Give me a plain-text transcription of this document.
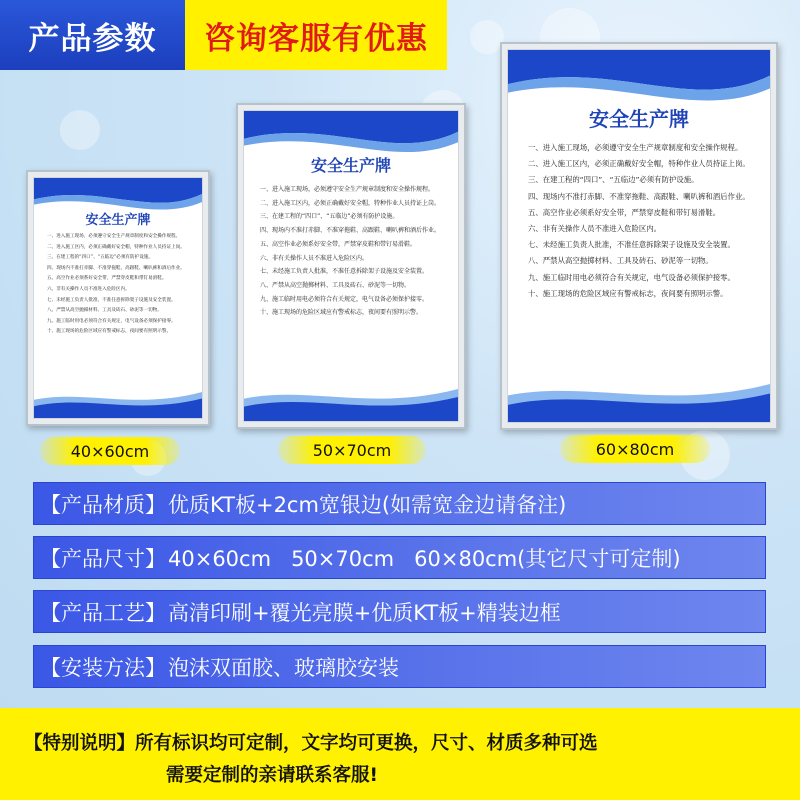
产品参数	咨询客服有优惠
安全生产牌

一、进入施工现场，必须遵守安全生产规章制度和安全操作规程。

二、进入施工区内，必须正确戴好安全帽，特种作业人员持证上岗。

三、在建工程的“四口”、“五临边”必须有防护设施。

四、现场内不准打赤脚、不准穿拖鞋、高跟鞋、喇叭裤和酒后作业。

五、高空作业必须系好安全带，严禁穿皮鞋和带钉易滑鞋。

六、非有关操作人员不准进入危险区内。

七、未经施工负责人批准，不准任意拆除架子设施及安全装置。

八、严禁从高空抛掷材料、工具及砖石、砂泥等一切物。

九、施工临时用电必须符合有关规定，电气设备必须保护接零。

十、施工现场的危险区域应有警戒标志，夜间要有照明示警。

安全生产牌

一、进入施工现场，必须遵守安全生产规章制度和安全操作规程。

二、进入施工区内，必须正确戴好安全帽，特种作业人员持证上岗。

三、在建工程的“四口”、“五临边”必须有防护设施。

四、现场内不准打赤脚、不准穿拖鞋、高跟鞋、喇叭裤和酒后作业。

五、高空作业必须系好安全带，严禁穿皮鞋和带钉易滑鞋。

六、非有关操作人员不准进入危险区内。

七、未经施工负责人批准，不准任意拆除架子设施及安全装置。

八、严禁从高空抛掷材料、工具及砖石、砂泥等一切物。

九、施工临时用电必须符合有关规定，电气设备必须保护接零。

十、施工现场的危险区域应有警戒标志，夜间要有照明示警。

安全生产牌

一、进入施工现场，必须遵守安全生产规章制度和安全操作规程。

二、进入施工区内，必须正确戴好安全帽，特种作业人员持证上岗。

三、在建工程的“四口”、“五临边”必须有防护设施。

四、现场内不准打赤脚、不准穿拖鞋、高跟鞋、喇叭裤和酒后作业。

五、高空作业必须系好安全带，严禁穿皮鞋和带钉易滑鞋。

六、非有关操作人员不准进入危险区内。

七、未经施工负责人批准，不准任意拆除架子设施及安全装置。

八、严禁从高空抛掷材料、工具及砖石、砂泥等一切物。

九、施工临时用电必须符合有关规定，电气设备必须保护接零。

十、施工现场的危险区域应有警戒标志，夜间要有照明示警。

40×60cm	50×70cm	60×80cm
【产品材质】 优质KT板+2cm宽银边(如需宽金边请备注)
【产品尺寸】 40×60cm   50×70cm   60×80cm(其它尺寸可定制)
【产品工艺】 高清印刷+覆光亮膜+优质KT板+精装边框
【安装方法】 泡沫双面胶、玻璃胶安装
【特别说明】所有标识均可定制，文字均可更换，尺寸、材质多种可选
需要定制的亲请联系客服!
